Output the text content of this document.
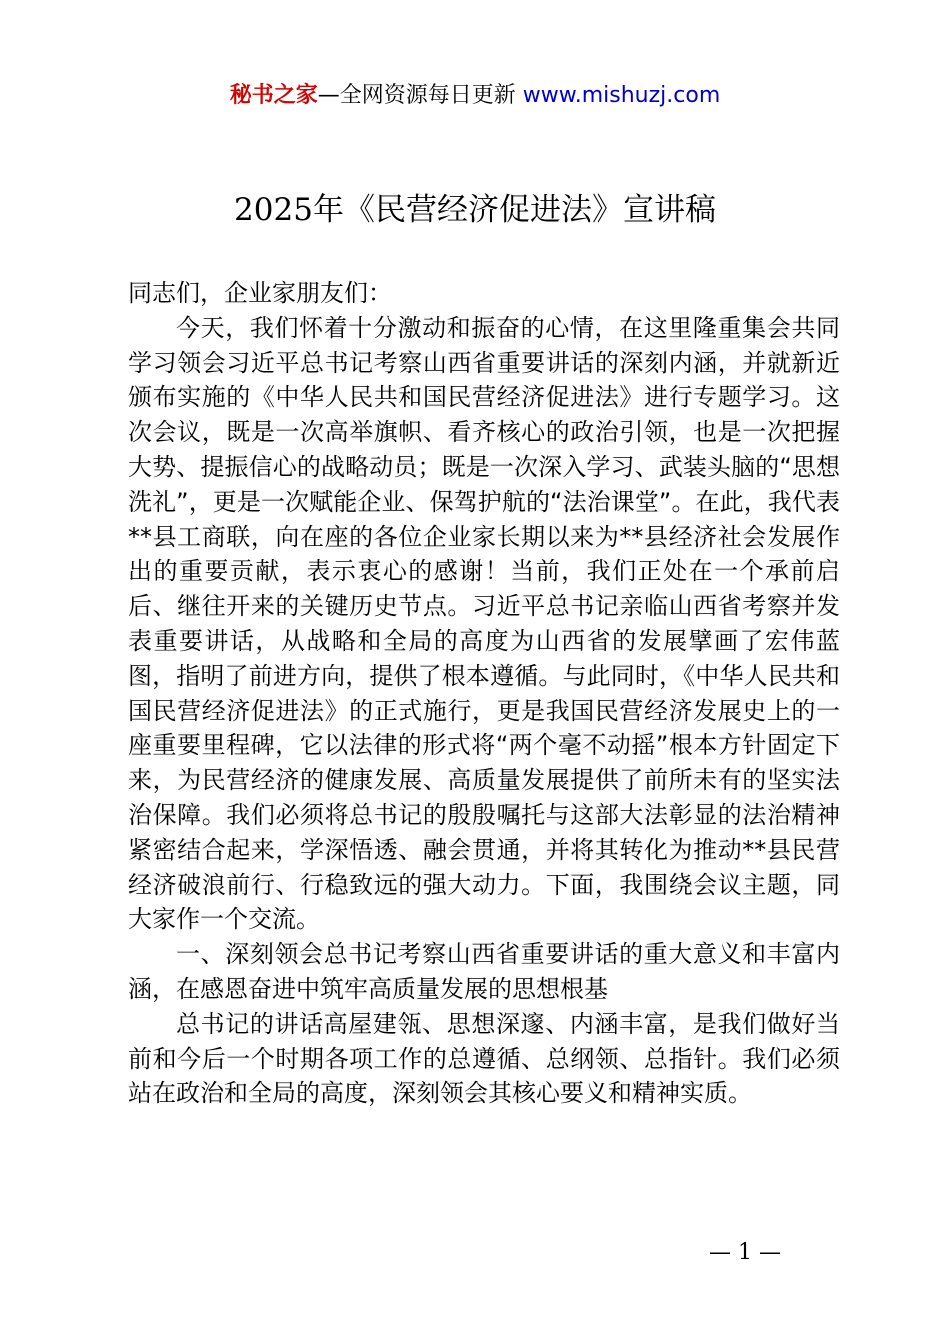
秘书之家—全网资源每日更新 www.mishuzj.com
2025年《民营经济促进法》宣讲稿

同志们，企业家朋友们：

今天，我们怀着十分激动和振奋的心情，在这里隆重集会共同学习领会习近平总书记考察山西省重要讲话的深刻内涵，并就新近颁布实施的《中华人民共和国民营经济促进法》进行专题学习。这次会议，既是一次高举旗帜、看齐核心的政治引领，也是一次把握大势、提振信心的战略动员；既是一次深入学习、武装头脑的“思想洗礼”，更是一次赋能企业、保驾护航的“法治课堂”。在此，我代表**县工商联，向在座的各位企业家长期以来为**县经济社会发展作出的重要贡献，表示衷心的感谢！当前，我们正处在一个承前启后、继往开来的关键历史节点。习近平总书记亲临山西省考察并发表重要讲话，从战略和全局的高度为山西省的发展擘画了宏伟蓝图，指明了前进方向，提供了根本遵循。与此同时，《中华人民共和国民营经济促进法》的正式施行，更是我国民营经济发展史上的一座重要里程碑，它以法律的形式将“两个毫不动摇”根本方针固定下来，为民营经济的健康发展、高质量发展提供了前所未有的坚实法治保障。我们必须将总书记的殷殷嘱托与这部大法彰显的法治精神紧密结合起来，学深悟透、融会贯通，并将其转化为推动**县民营经济破浪前行、行稳致远的强大动力。下面，我围绕会议主题，同大家作一个交流。

一、深刻领会总书记考察山西省重要讲话的重大意义和丰富内涵，在感恩奋进中筑牢高质量发展的思想根基

总书记的讲话高屋建瓴、思想深邃、内涵丰富，是我们做好当前和今后一个时期各项工作的总遵循、总纲领、总指针。我们必须站在政治和全局的高度，深刻领会其核心要义和精神实质。

— 1 —
